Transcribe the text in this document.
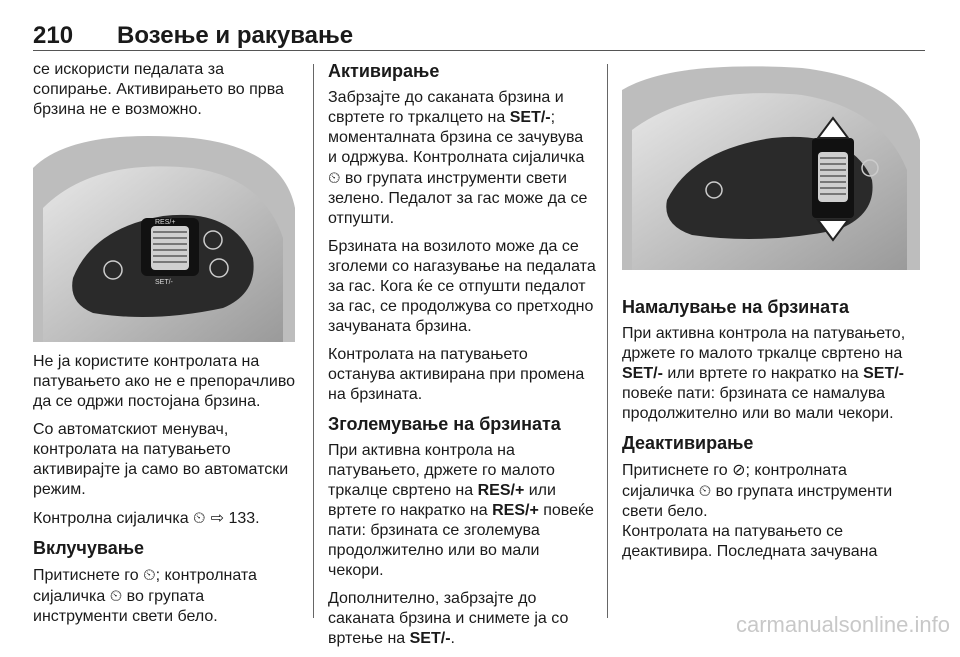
210 Возење и ракување

се искористи педалата за сопирање. Активирањето во прва брзина не е возможно.

RES/+
SET/-

Не ја користите контролата на патувањето ако не е препорачливо да се одржи постојана брзина.

Со автоматскиот менувач, контролата на патувањето активирајте ја само во автоматски режим.

Контролна сијаличка ⏲ ⇨ 133.

Вклучување

Притиснете го ⏲; контролната сијаличка ⏲ во групата инструменти свети бело.

Активирање

Забрзајте до саканата брзина и свртете го тркалцето на SET/-; моменталната брзина се зачувува и одржува. Контролната сијаличка ⏲ во групата инструменти свети зелено. Педалот за гас може да се отпушти.

Брзината на возилото може да се зголеми со нагазување на педалата за гас. Кога ќе се отпушти педалот за гас, се продолжува со претходно зачуваната брзина.

Контролата на патувањето останува активирана при промена на брзината.

Зголемување на брзината

При активна контрола на патувањето, држете го малото тркалце свртено на RES/+ или вртете го накратко на RES/+ повеќе пати: брзината се зголемува продолжително или во мали чекори.

Дополнително, забрзајте до саканата брзина и снимете ја со вртење на SET/-.

Намалување на брзината

При активна контрола на патувањето, држете го малото тркалце свртено на SET/- или вртете го накратко на SET/- повеќе пати: брзината се намалува продолжително или во мали чекори.

Деактивирање

Притиснете го ⊘; контролната сијаличка ⏲ во групата инструменти свети бело.

Контролата на патувањето се деактивира. Последната зачувана

carmanualsonline.info
